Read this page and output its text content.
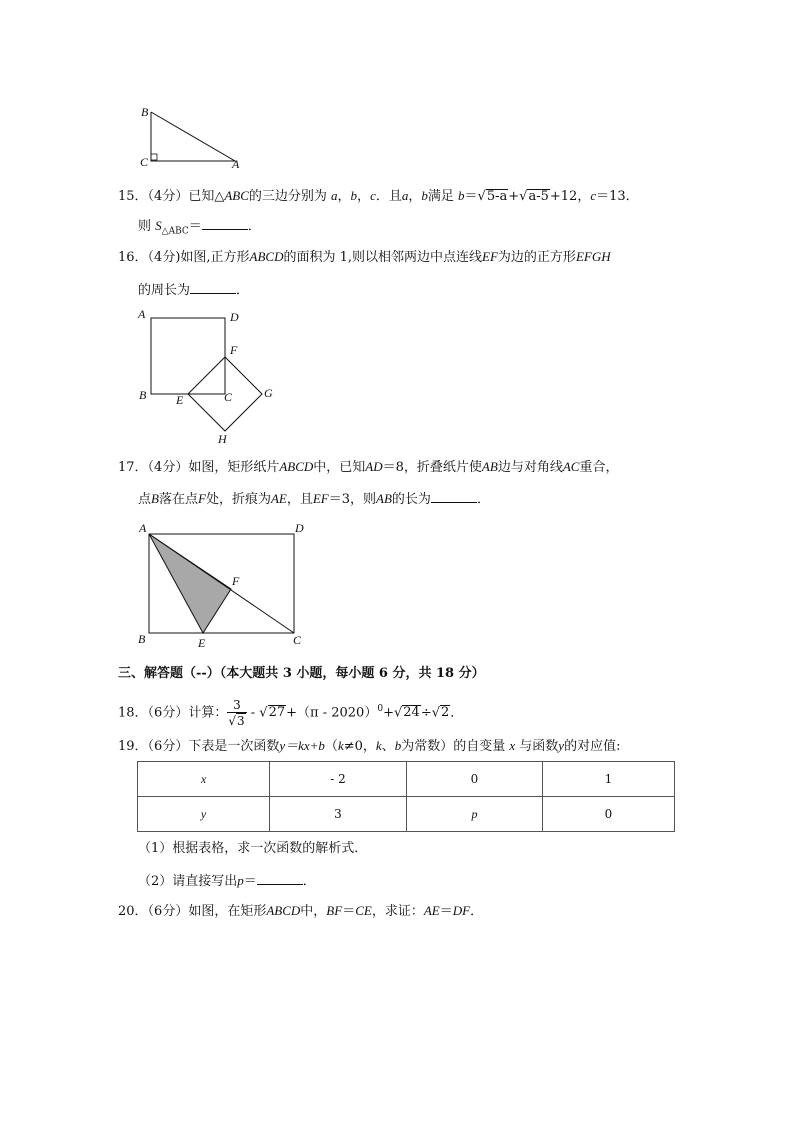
B
C	A
15．（4分）已知△ABC的三边分别为 a，b，c．且a，b满足 b＝√5-a+√a-5+12，c＝13．
则 $S_{\triangle ABC}=$	．
16．（4分)如图,正方形ABCD的面积为 1,则以相邻两边中点连线EF为边的正方形EFGH
的周长为	．
A	D
F
B E	C	G
H
17．（4分）如图，矩形纸片ABCD中，已知AD＝8，折叠纸片使AB边与对角线AC重合，
点B落在点F处，折痕为AE，且EF＝3，则AB的长为	．
A	D
F
B	E	C
三、解答题（--）（本大题共 3 小题，每小题 6 分，共 18 分）
18．（6分）计算： $\frac{3}{√3} - √27+(\pi - 2020)^0+√24\div√2$．
19．（6分）下表是一次函数y＝kx+b（k≠0，k、b为常数）的自变量 x 与函数y的对应值:
x	- 2	0	1
y	3	p	0
（1）根据表格，求一次函数的解析式．
（2）请直接写出p＝	．
20．（6分）如图，在矩形ABCD中，BF＝CE，求证：AE＝DF．
